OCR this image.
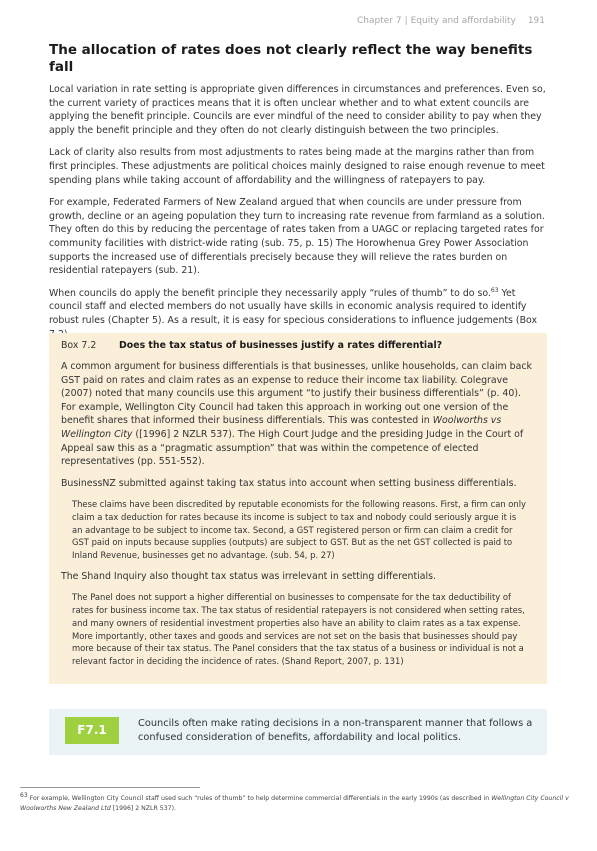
Chapter 7 | Equity and affordability 191
The allocation of rates does not clearly reflect the way benefits fall

Local variation in rate setting is appropriate given differences in circumstances and preferences. Even so, the current variety of practices means that it is often unclear whether and to what extent councils are applying the benefit principle. Councils are ever mindful of the need to consider ability to pay when they apply the benefit principle and they often do not clearly distinguish between the two principles.

Lack of clarity also results from most adjustments to rates being made at the margins rather than from first principles. These adjustments are political choices mainly designed to raise enough revenue to meet spending plans while taking account of affordability and the willingness of ratepayers to pay.

For example, Federated Farmers of New Zealand argued that when councils are under pressure from growth, decline or an ageing population they turn to increasing rate revenue from farmland as a solution. They often do this by reducing the percentage of rates taken from a UAGC or replacing targeted rates for community facilities with district-wide rating (sub. 75, p. 15) The Horowhenua Grey Power Association supports the increased use of differentials precisely because they will relieve the rates burden on residential ratepayers (sub. 21).

When councils do apply the benefit principle they necessarily apply “rules of thumb” to do so.$^{63}$ Yet council staff and elected members do not usually have skills in economic analysis required to identify robust rules (Chapter 5). As a result, it is easy for specious considerations to influence judgements (Box

Box 7.2 Does the tax status of businesses justify a rates differential?

A common argument for business differentials is that businesses, unlike households, can claim back GST paid on rates and claim rates as an expense to reduce their income tax liability. Colegrave (2007) noted that many councils use this argument “to justify their business differentials” (p. 40). For example, Wellington City Council had taken this approach in working out one version of the benefit shares that informed their business differentials. This was contested in Woolworths vs Wellington City ([1996] 2 NZLR 537). The High Court Judge and the presiding Judge in the Court of Appeal saw this as a “pragmatic assumption” that was within the competence of elected representatives (pp. 551-552).

BusinessNZ submitted against taking tax status into account when setting business differentials.

These claims have been discredited by reputable economists for the following reasons. First, a firm can only claim a tax deduction for rates because its income is subject to tax and nobody could seriously argue it is an advantage to be subject to income tax. Second, a GST registered person or firm can claim a credit for GST paid on inputs because supplies (outputs) are subject to GST. But as the net GST collected is paid to Inland Revenue, businesses get no advantage. (sub. 54, p. 27)

The Shand Inquiry also thought tax status was irrelevant in setting differentials.

The Panel does not support a higher differential on businesses to compensate for the tax deductibility of rates for business income tax. The tax status of residential ratepayers is not considered when setting rates, and many owners of residential investment properties also have an ability to claim rates as a tax expense. More importantly, other taxes and goods and services are not set on the basis that businesses should pay more because of their tax status. The Panel considers that the tax status of a business or individual is not a relevant factor in deciding the incidence of rates. (Shand Report, 2007, p. 131)
F7.1	Councils often make rating decisions in a non-transparent manner that follows a confused consideration of benefits, affordability and local politics.
$^{63}$ For example, Wellington City Council staff used such “rules of thumb” to help determine commercial differentials in the early 1990s (as described in Wellington City Council v Woolworths New Zealand Ltd [1996] 2 NZLR 537).
